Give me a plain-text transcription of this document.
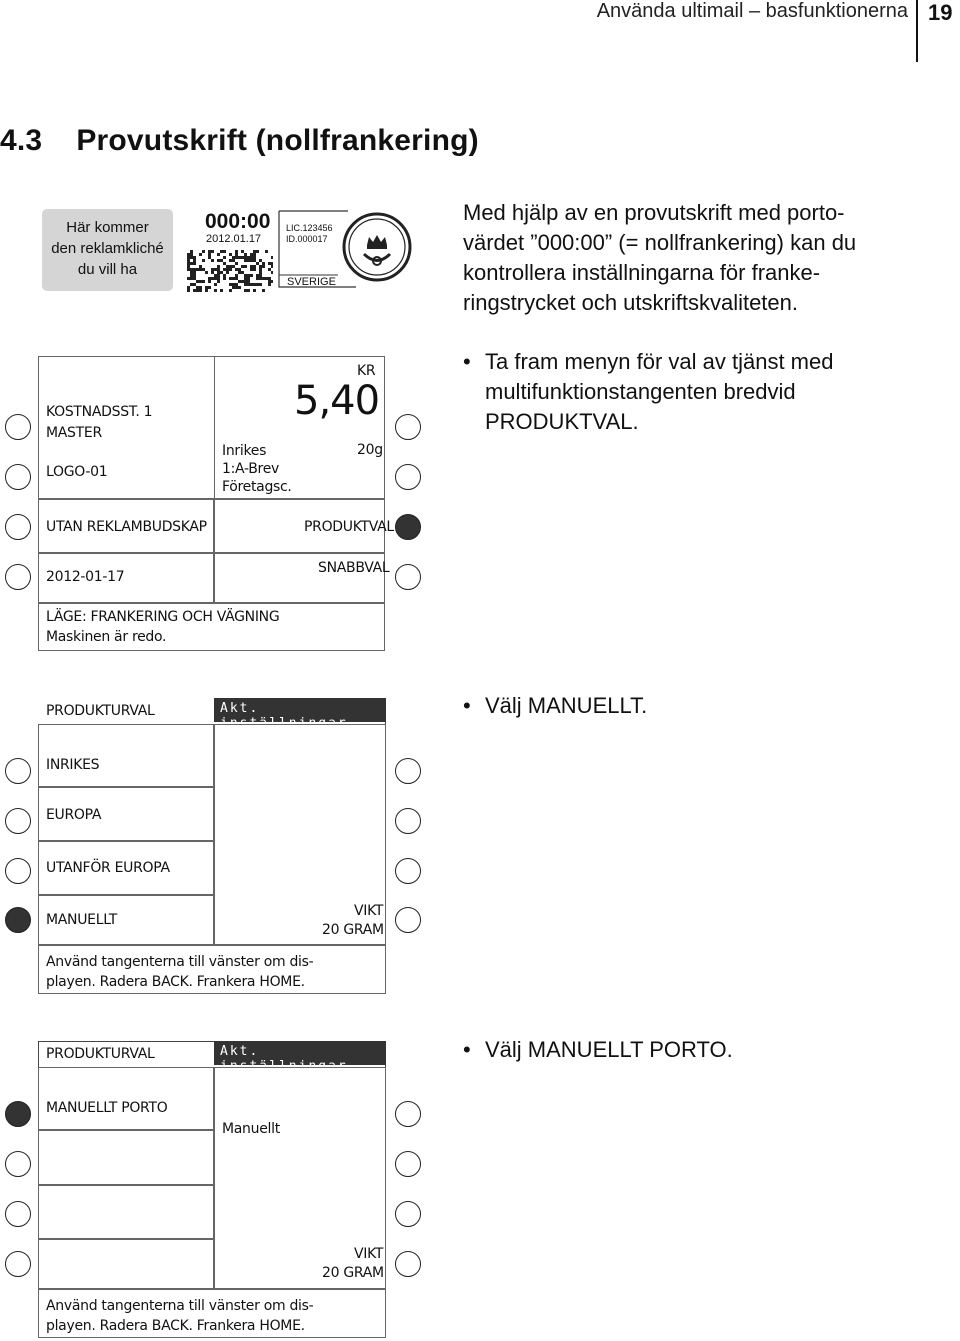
Använda ultimail – basfunktionerna 19
4.3 Provutskrift (nollfrankering)
Med hjälp av en provutskrift med porto-
värdet ”000:00” (= nollfrankering) kan du
kontrollera inställningarna för franke-
ringstrycket och utskriftskvaliteten.
• Ta fram menyn för val av tjänst med
multifunktionstangenten bredvid
PRODUKTVAL.
• Välj MANUELLT.
• Välj MANUELLT PORTO.
Här kommer
den reklamkliché
du vill ha
000:00
2012.01.17
LIC.123456
ID.000017
SVERIGE
KOSTNADSST. 1
MASTER
LOGO-01
KR
5,40
20g
Inrikes
1:A-Brev
Företagsc.
UTAN REKLAMBUDSKAP	PRODUKTVAL
2012-01-17
SNABBVAL
LÄGE: FRANKERING OCH VÄGNING
Maskinen är redo.
Akt.
PRODUKTURVAL
INRIKES
EUROPA
UTANFÖR EUROPA
MANUELLT
VIKT
20 GRAM
Använd tangenterna till vänster om dis-
playen. Radera BACK. Frankera HOME.
Akt.
PRODUKTURVAL
MANUELLT PORTO
Manuellt
VIKT
20 GRAM
Använd tangenterna till vänster om dis-
playen. Radera BACK. Frankera HOME.
